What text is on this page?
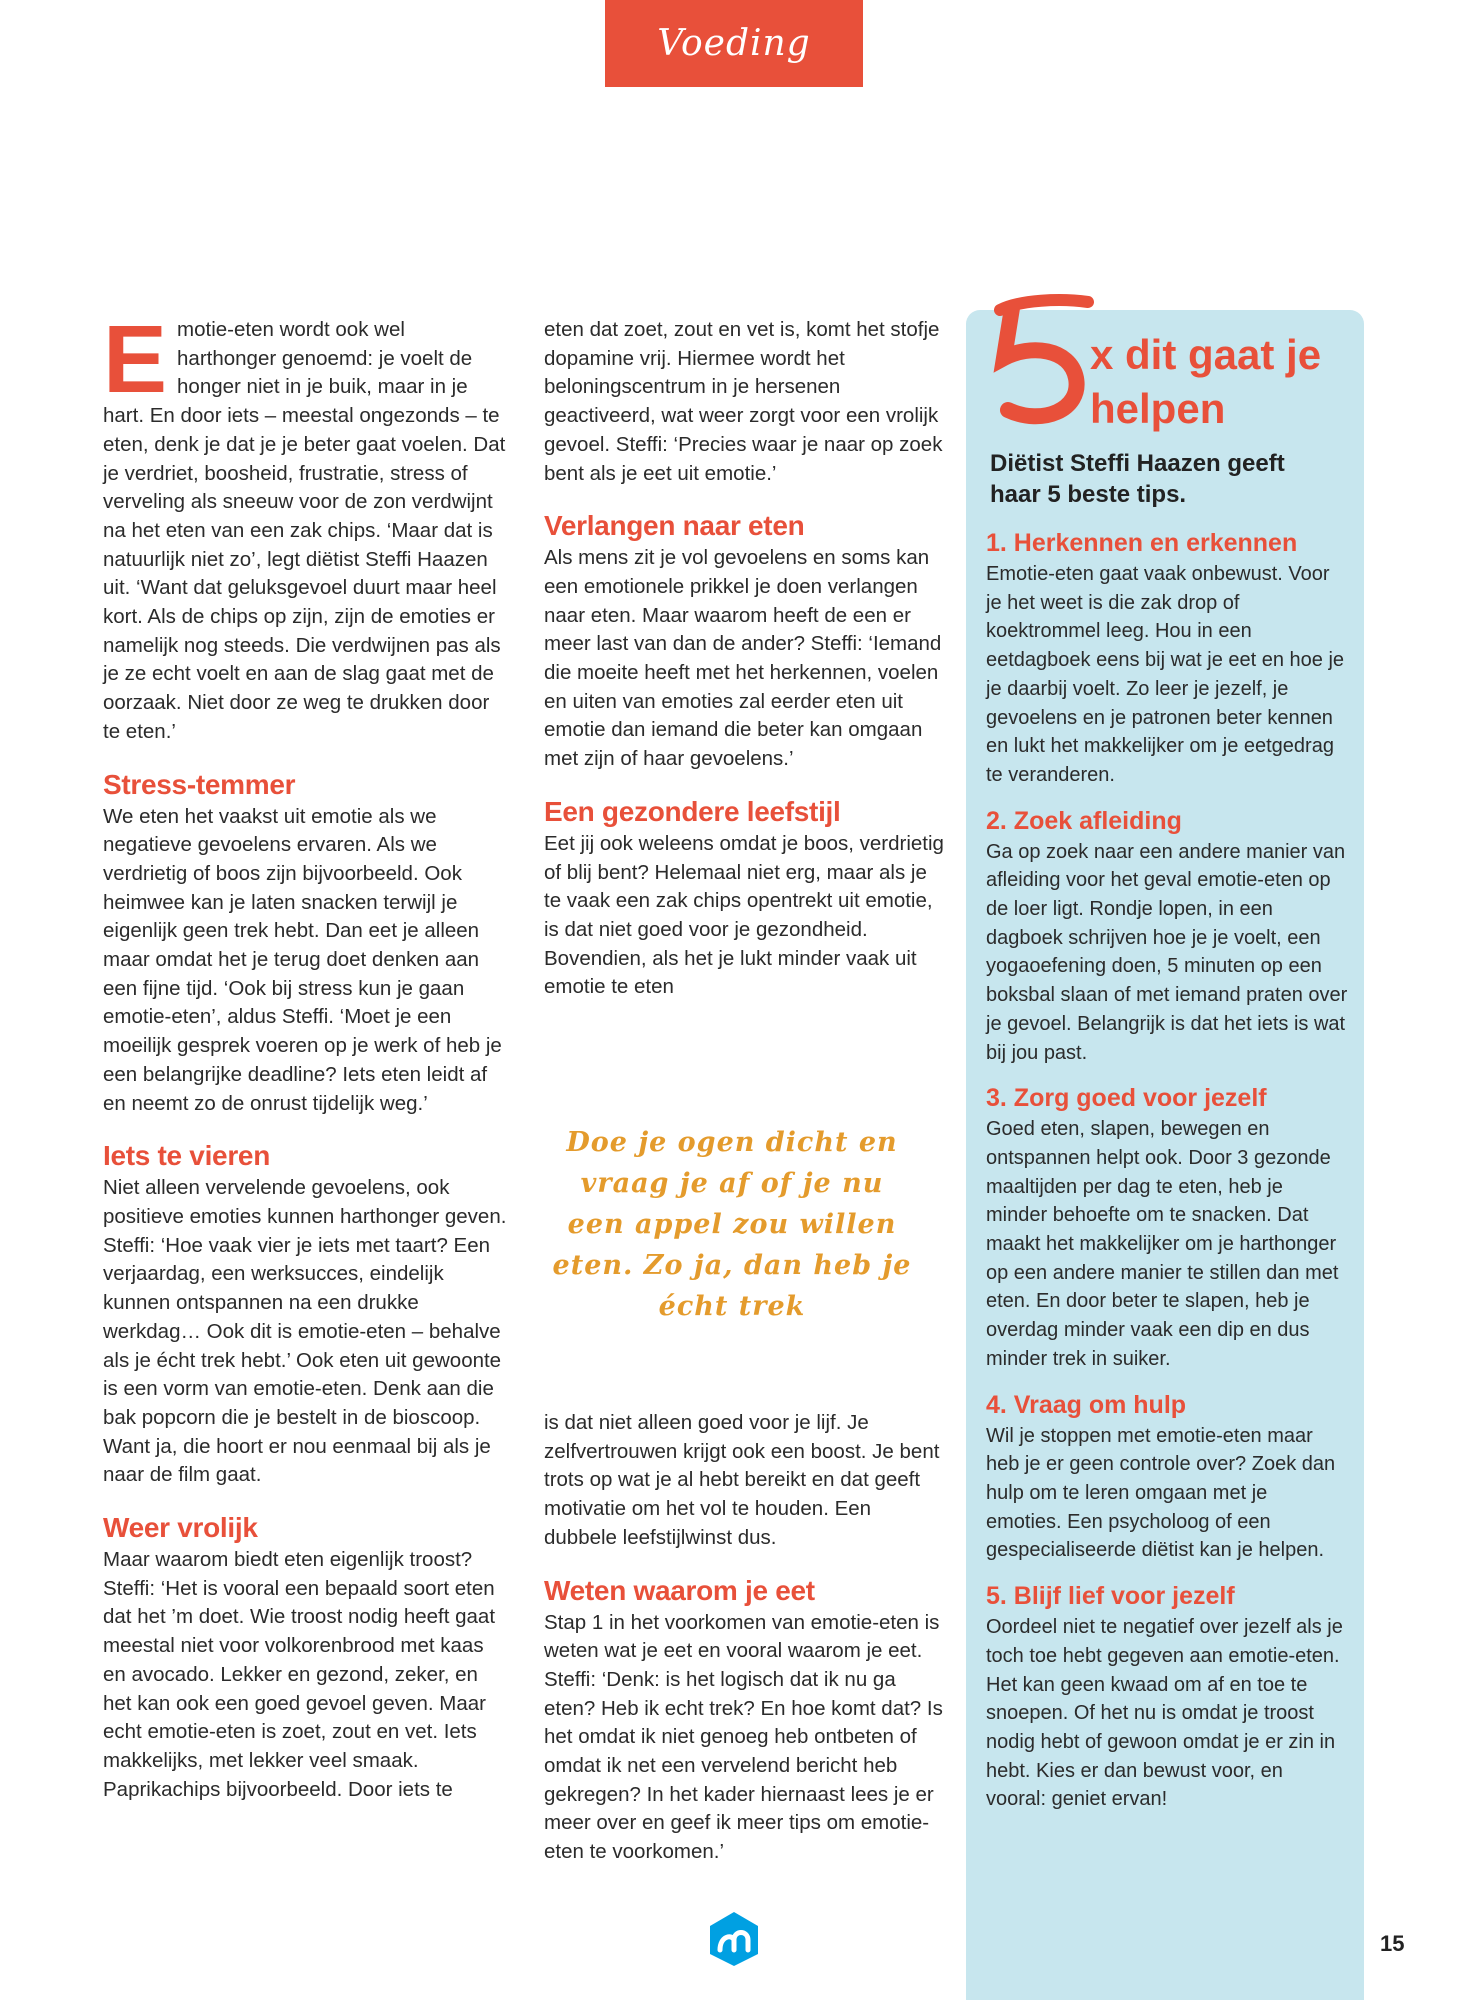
Voeding

Emotie-eten wordt ook wel harthonger genoemd: je voelt de honger niet in je buik, maar in je hart. En door iets – meestal ongezonds – te eten, denk je dat je je beter gaat voelen. Dat je verdriet, boosheid, frustratie, stress of verveling als sneeuw voor de zon verdwijnt na het eten van een zak chips. ‘Maar dat is natuurlijk niet zo’, legt diëtist Steffi Haazen uit. ‘Want dat geluksgevoel duurt maar heel kort. Als de chips op zijn, zijn de emoties er namelijk nog steeds. Die verdwijnen pas als je ze echt voelt en aan de slag gaat met de oorzaak. Niet door ze weg te drukken door te eten.’

Stress-temmer

We eten het vaakst uit emotie als we negatieve gevoelens ervaren. Als we verdrietig of boos zijn bijvoorbeeld. Ook heimwee kan je laten snacken terwijl je eigenlijk geen trek hebt. Dan eet je alleen maar omdat het je terug doet denken aan een fijne tijd. ‘Ook bij stress kun je gaan emotie-eten’, aldus Steffi. ‘Moet je een moeilijk gesprek voeren op je werk of heb je een belangrijke deadline? Iets eten leidt af en neemt zo de onrust tijdelijk weg.’

Iets te vieren

Niet alleen vervelende gevoelens, ook positieve emoties kunnen harthonger geven. Steffi: ‘Hoe vaak vier je iets met taart? Een verjaardag, een werksucces, eindelijk kunnen ontspannen na een drukke werkdag… Ook dit is emotie-eten – behalve als je écht trek hebt.’ Ook eten uit gewoonte is een vorm van emotie-eten. Denk aan die bak popcorn die je bestelt in de bioscoop. Want ja, die hoort er nou eenmaal bij als je naar de film gaat.

Weer vrolijk

Maar waarom biedt eten eigenlijk troost? Steffi: ‘Het is vooral een bepaald soort eten dat het ’m doet. Wie troost nodig heeft gaat meestal niet voor volkorenbrood met kaas en avocado. Lekker en gezond, zeker, en het kan ook een goed gevoel geven. Maar echt emotie-eten is zoet, zout en vet. Iets makkelijks, met lekker veel smaak. Paprikachips bijvoorbeeld. Door iets te

eten dat zoet, zout en vet is, komt het stofje dopamine vrij. Hiermee wordt het beloningscentrum in je hersenen geactiveerd, wat weer zorgt voor een vrolijk gevoel. Steffi: ‘Precies waar je naar op zoek bent als je eet uit emotie.’

Verlangen naar eten

Als mens zit je vol gevoelens en soms kan een emotionele prikkel je doen verlangen naar eten. Maar waarom heeft de een er meer last van dan de ander? Steffi: ‘Iemand die moeite heeft met het herkennen, voelen en uiten van emoties zal eerder eten uit emotie dan iemand die beter kan omgaan met zijn of haar gevoelens.’

Een gezondere leefstijl

Eet jij ook weleens omdat je boos, verdrietig of blij bent? Helemaal niet erg, maar als je te vaak een zak chips opentrekt uit emotie, is dat niet goed voor je gezondheid. Bovendien, als het je lukt minder vaak uit emotie te eten

Doe je ogen dicht en vraag je af of je nu een appel zou willen eten. Zo ja, dan heb je écht trek

is dat niet alleen goed voor je lijf. Je zelfvertrouwen krijgt ook een boost. Je bent trots op wat je al hebt bereikt en dat geeft motivatie om het vol te houden. Een dubbele leefstijlwinst dus.

Weten waarom je eet

Stap 1 in het voorkomen van emotie-eten is weten wat je eet en vooral waarom je eet. Steffi: ‘Denk: is het logisch dat ik nu ga eten? Heb ik echt trek? En hoe komt dat? Is het omdat ik niet genoeg heb ontbeten of omdat ik net een vervelend bericht heb gekregen? In het kader hiernaast lees je er meer over en geef ik meer tips om emotie-eten te voorkomen.’

x dit gaat je helpen
Diëtist Steffi Haazen geeft haar 5 beste tips.
1. Herkennen en erkennen

Emotie-eten gaat vaak onbewust. Voor je het weet is die zak drop of koektrommel leeg. Hou in een eetdagboek eens bij wat je eet en hoe je je daarbij voelt. Zo leer je jezelf, je gevoelens en je patronen beter kennen en lukt het makkelijker om je eetgedrag te veranderen.

2. Zoek afleiding

Ga op zoek naar een andere manier van afleiding voor het geval emotie-eten op de loer ligt. Rondje lopen, in een dagboek schrijven hoe je je voelt, een yogaoefening doen, 5 minuten op een boksbal slaan of met iemand praten over je gevoel. Belangrijk is dat het iets is wat bij jou past.

3. Zorg goed voor jezelf

Goed eten, slapen, bewegen en ontspannen helpt ook. Door 3 gezonde maaltijden per dag te eten, heb je minder behoefte om te snacken. Dat maakt het makkelijker om je harthonger op een andere manier te stillen dan met eten. En door beter te slapen, heb je overdag minder vaak een dip en dus minder trek in suiker.

4. Vraag om hulp

Wil je stoppen met emotie-eten maar heb je er geen controle over? Zoek dan hulp om te leren omgaan met je emoties. Een psycholoog of een gespecialiseerde diëtist kan je helpen.

5. Blijf lief voor jezelf

Oordeel niet te negatief over jezelf als je toch toe hebt gegeven aan emotie-eten. Het kan geen kwaad om af en toe te snoepen. Of het nu is omdat je troost nodig hebt of gewoon omdat je er zin in hebt. Kies er dan bewust voor, en vooral: geniet ervan!

15
